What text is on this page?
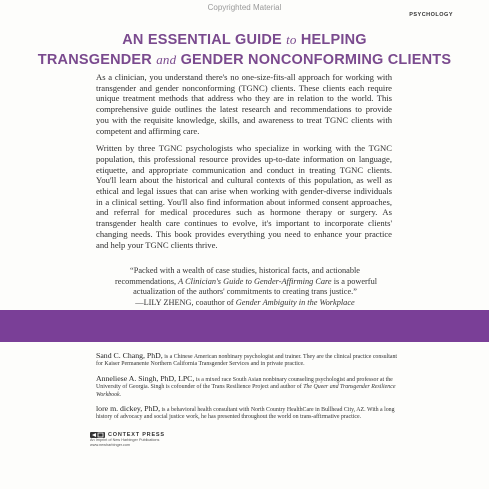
Copyrighted Material
PSYCHOLOGY
AN ESSENTIAL GUIDE to HELPING
TRANSGENDER and GENDER NONCONFORMING CLIENTS

As a clinician, you understand there's no one-size-fits-all approach for working with transgender and gender nonconforming (TGNC) clients. These clients each require unique treatment methods that address who they are in relation to the world. This comprehensive guide outlines the latest research and recommendations to provide you with the requisite knowledge, skills, and awareness to treat TGNC clients with competent and affirming care.

Written by three TGNC psychologists who specialize in working with the TGNC population, this professional resource provides up-to-date information on language, etiquette, and appropriate communication and conduct in treating TGNC clients. You'll learn about the historical and cultural contexts of this population, as well as ethical and legal issues that can arise when working with gender-diverse individuals in a clinical setting. You'll also find information about informed consent approaches, and referral for medical procedures such as hormone therapy or surgery. As transgender health care continues to evolve, it's important to incorporate clients' changing needs. This book provides everything you need to enhance your practice and help your TGNC clients thrive.

“Packed with a wealth of case studies, historical facts, and actionable
recommendations, A Clinician's Guide to Gender-Affirming Care is a powerful
actualization of the authors' commitments to creating trans justice.”
—LILY ZHENG, coauthor of Gender Ambiguity in the Workplace
Sand C. Chang, PhD, is a Chinese American nonbinary psychologist and trainer. They are the clinical practice consultant for Kaiser Permanente Northern California Transgender Services and in private practice.
Anneliese A. Singh, PhD, LPC, is a mixed race South Asian nonbinary counseling psychologist and professor at the University of Georgia. Singh is cofounder of the Trans Resilience Project and author of The Queer and Transgender Resilience Workbook.
lore m. dickey, PhD, is a behavioral health consultant with North Country HealthCare in Bullhead City, AZ. With a long history of advocacy and social justice work, he has presented throughout the world on trans-affirmative practice.
CONTEXT PRESS
An Imprint of New Harbinger Publications
www.newharbinger.com
